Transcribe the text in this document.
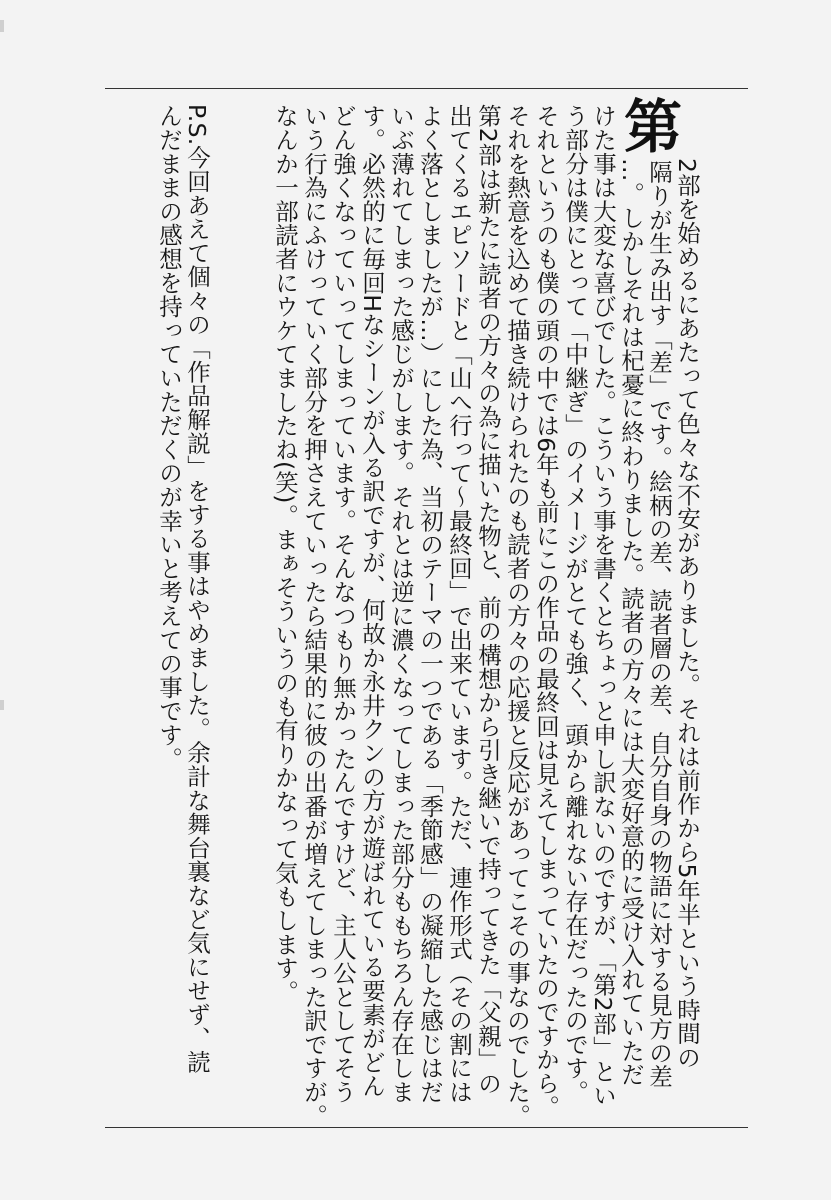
第
2部を始めるにあたって色々な不安がありました。それは前作から5年半という時間の
隔りが生み出す「差」です。絵柄の差、読者層の差、自分自身の物語に対する見方の差
…。しかしそれは杞憂に終わりました。読者の方々には大変好意的に受け入れていただ
けた事は大変な喜びでした。こういう事を書くとちょっと申し訳ないのですが、「第2部」とい
う部分は僕にとって「中継ぎ」のイメージがとても強く、頭から離れない存在だったのです。
それというのも僕の頭の中では6年も前にこの作品の最終回は見えてしまっていたのですから。
それを熱意を込めて描き続けられたのも読者の方々の応援と反応があってこその事なのでした。
第2部は新たに読者の方々の為に描いた物と、前の構想から引き継いで持ってきた「父親」の
出てくるエピソードと「山へ行って～最終回」で出来ています。ただ、連作形式（その割には
よく落としましたが…）にした為、当初のテーマの一つである「季節感」の凝縮した感じはだ
いぶ薄れてしまった感じがします。それとは逆に濃くなってしまった部分ももちろん存在しま
す。必然的に毎回Hなシーンが入る訳ですが、何故か永井クンの方が遊ばれている要素がどん
どん強くなっていってしまっています。そんなつもり無かったんですけど、主人公としてそう
いう行為にふけっていく部分を押さえていったら結果的に彼の出番が増えてしまった訳ですが。
なんか一部読者にウケてましたね(笑)。まぁそういうのも有りかなって気もします。
P.S.今回あえて個々の「作品解説」をする事はやめました。余計な舞台裏など気にせず、読
んだままの感想を持っていただくのが幸いと考えての事です。
